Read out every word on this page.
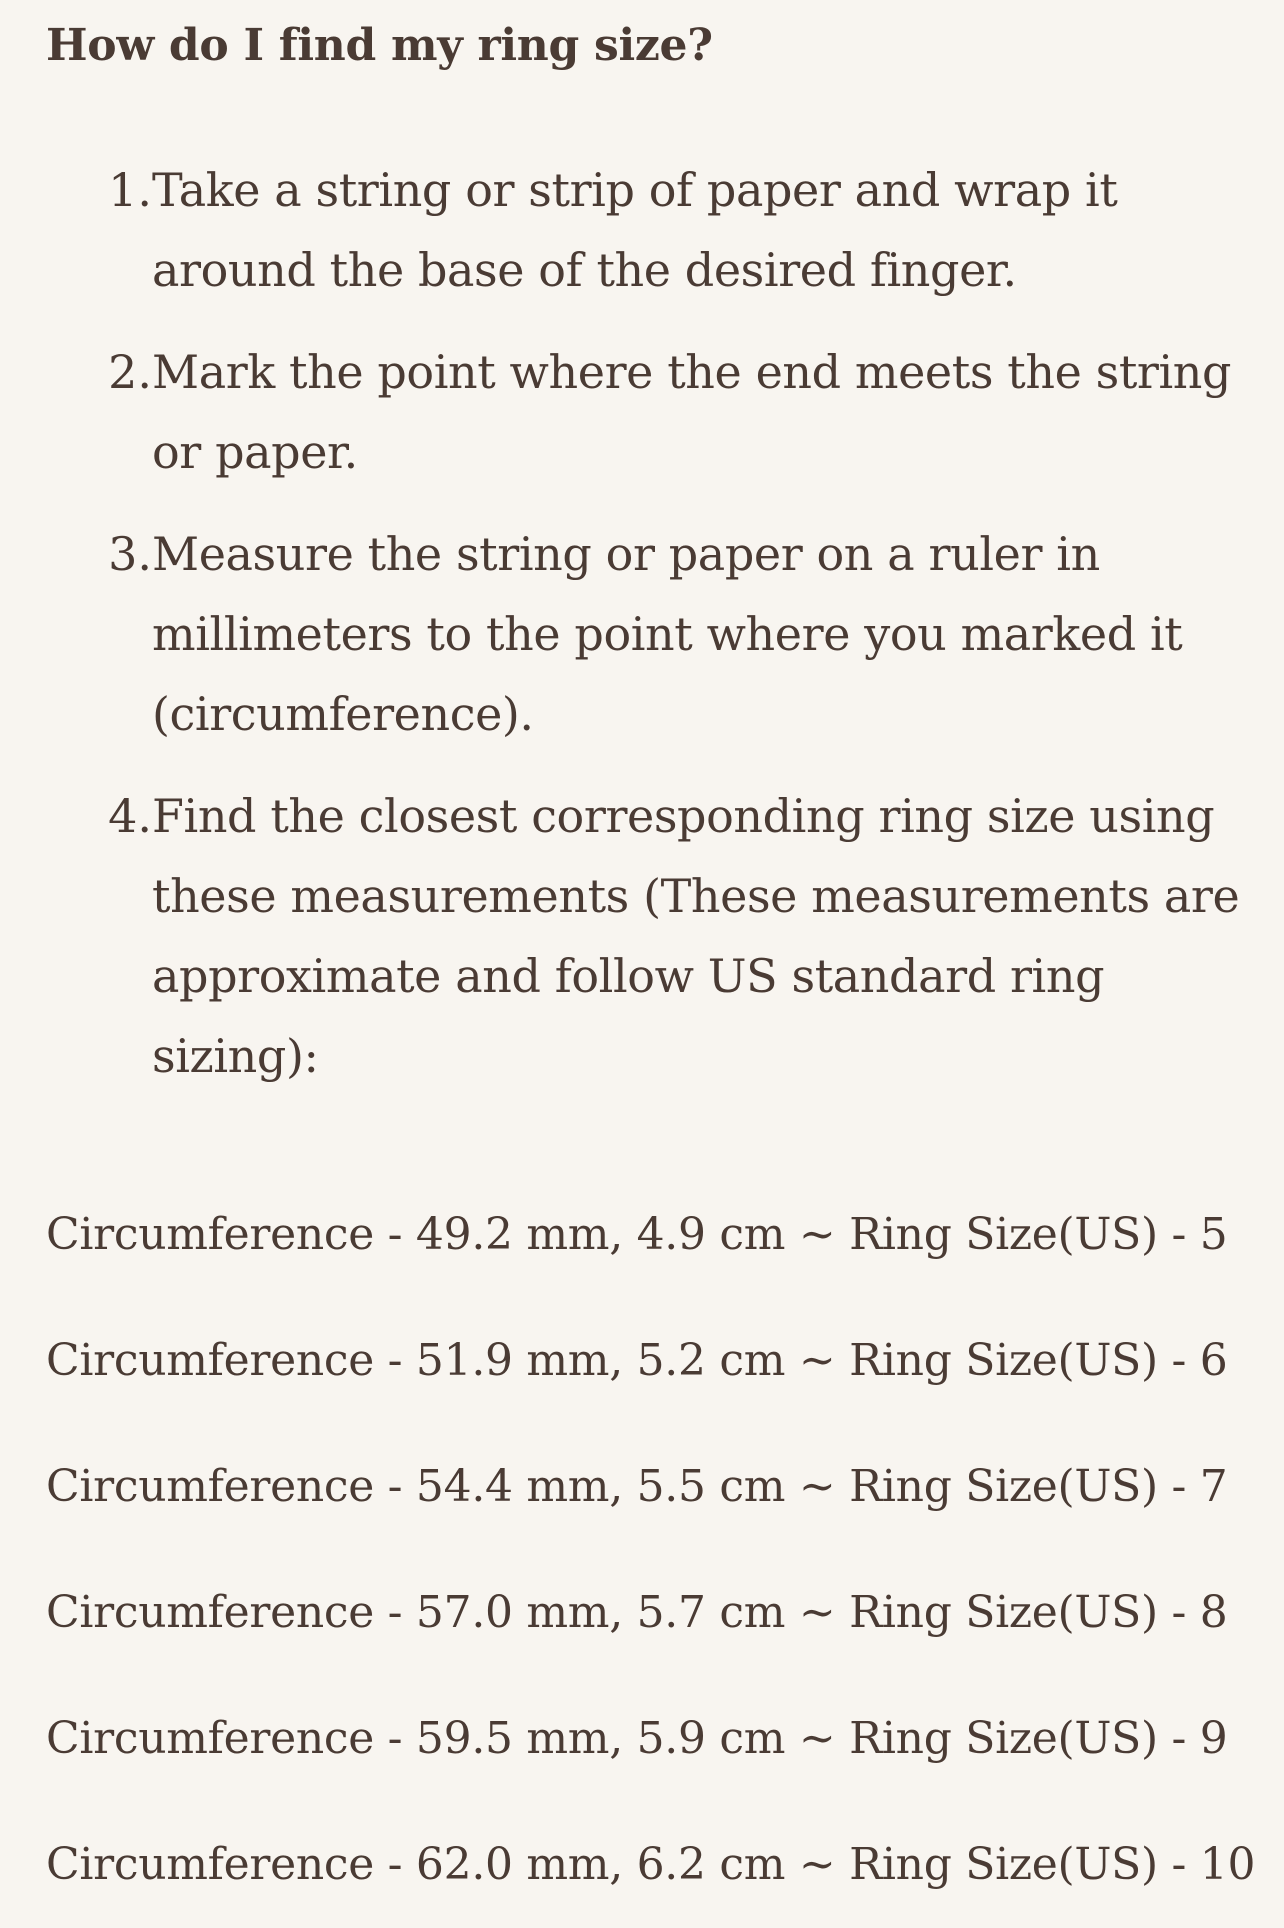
How do I find my ring size?
1. Take a string or strip of paper and wrap it around the base of the desired finger.
2. Mark the point where the end meets the string or paper.
3. Measure the string or paper on a ruler in millimeters to the point where you marked it (circumference).
4. Find the closest corresponding ring size using these measurements (These measurements are approximate and follow US standard ring sizing):
Circumference - 49.2 mm, 4.9 cm ~ Ring Size(US) - 5
Circumference - 51.9 mm, 5.2 cm ~ Ring Size(US) - 6
Circumference - 54.4 mm, 5.5 cm ~ Ring Size(US) - 7
Circumference - 57.0 mm, 5.7 cm ~ Ring Size(US) - 8
Circumference - 59.5 mm, 5.9 cm ~ Ring Size(US) - 9
Circumference - 62.0 mm, 6.2 cm ~ Ring Size(US) - 10
